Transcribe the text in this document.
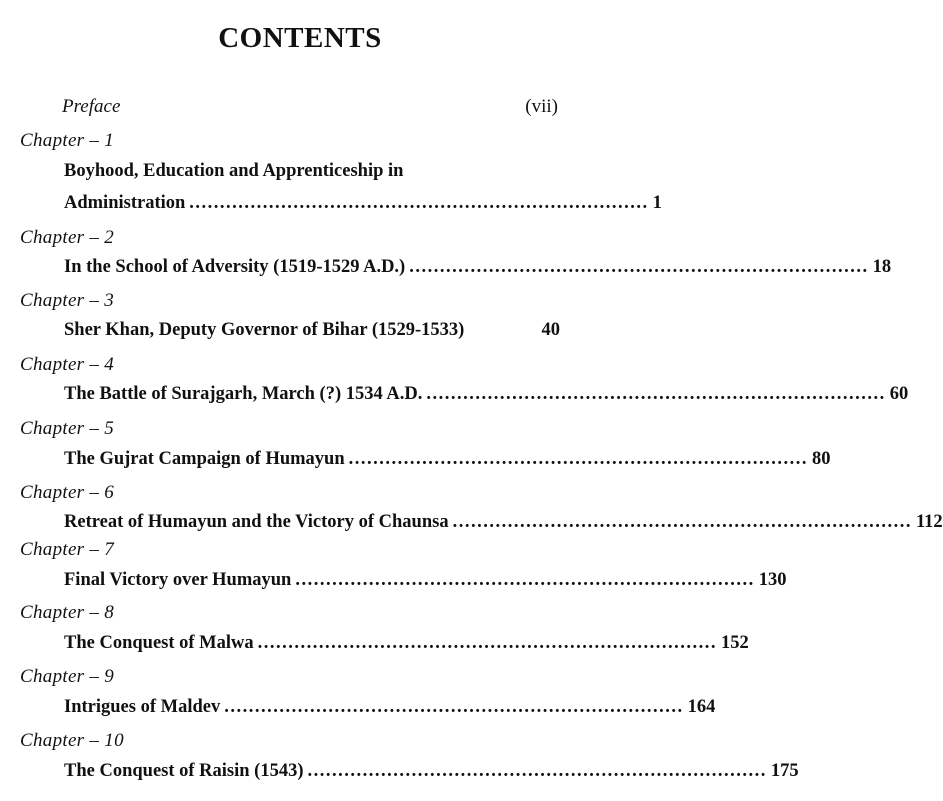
CONTENTS
Preface	(vii)
Chapter – 1
Boyhood, Education and Apprenticeship in
Administration ........................................................................... 1
Chapter – 2
In the School of Adversity (1519-1529 A.D.) ........................................................................... 18
Chapter – 3
Sher Khan, Deputy Governor of Bihar (1529-1533)	40
Chapter – 4
The Battle of Surajgarh, March (?) 1534 A.D. ........................................................................... 60
Chapter – 5
The Gujrat Campaign of Humayun ........................................................................... 80
Chapter – 6
Retreat of Humayun and the Victory of Chaunsa ........................................................................... 112
Chapter – 7
Final Victory over Humayun ........................................................................... 130
Chapter – 8
The Conquest of Malwa ........................................................................... 152
Chapter – 9
Intrigues of Maldev ........................................................................... 164
Chapter – 10
The Conquest of Raisin (1543) ........................................................................... 175
